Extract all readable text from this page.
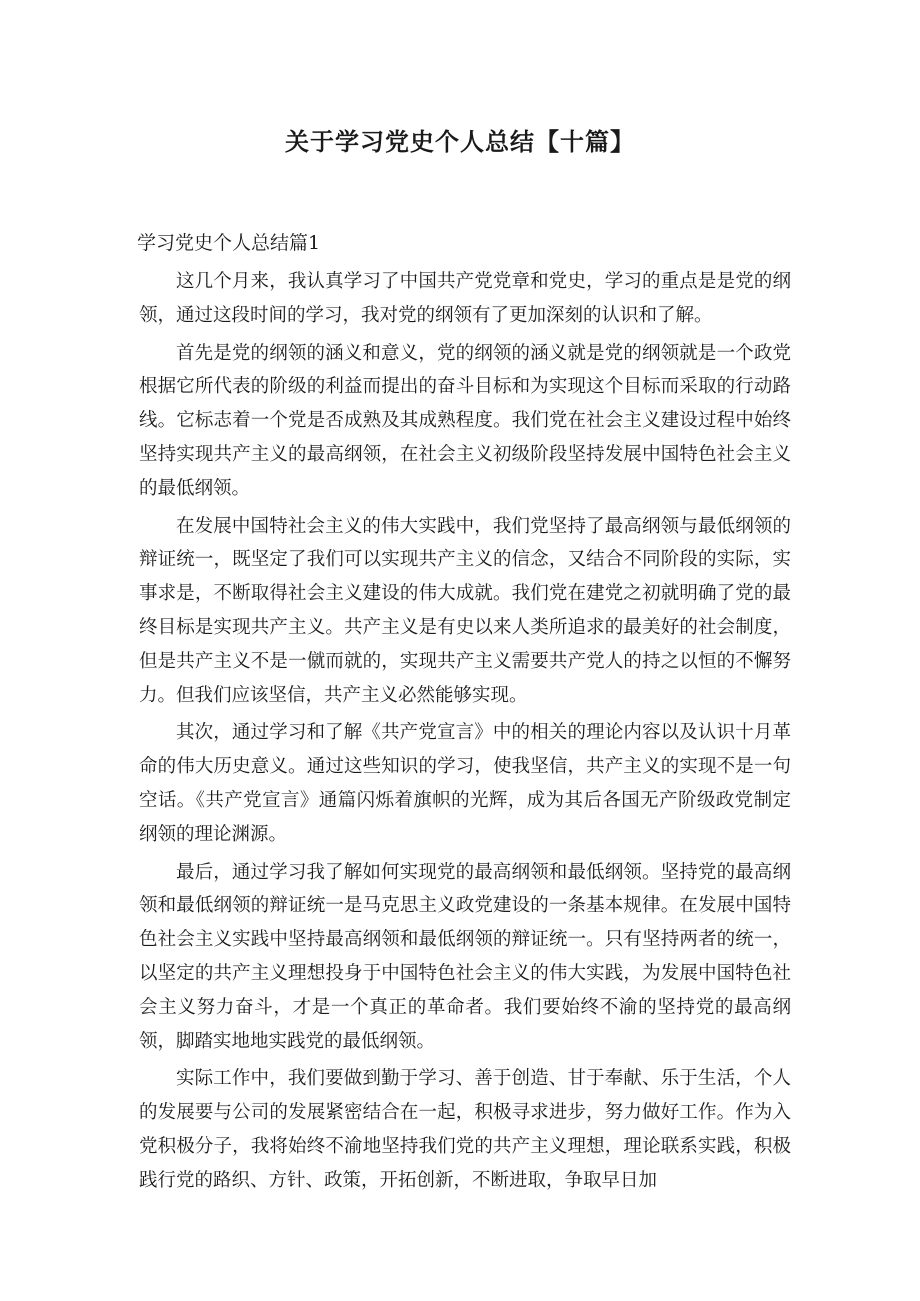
关于学习党史个人总结【十篇】
学习党史个人总结篇1

这几个月来，我认真学习了中国共产党党章和党史，学习的重点是是党的纲领，通过这段时间的学习，我对党的纲领有了更加深刻的认识和了解。

首先是党的纲领的涵义和意义，党的纲领的涵义就是党的纲领就是一个政党根据它所代表的阶级的利益而提出的奋斗目标和为实现这个目标而采取的行动路线。它标志着一个党是否成熟及其成熟程度。我们党在社会主义建设过程中始终坚持实现共产主义的最高纲领，在社会主义初级阶段坚持发展中国特色社会主义的最低纲领。

在发展中国特社会主义的伟大实践中，我们党坚持了最高纲领与最低纲领的辩证统一，既坚定了我们可以实现共产主义的信念，又结合不同阶段的实际，实事求是，不断取得社会主义建设的伟大成就。我们党在建党之初就明确了党的最终目标是实现共产主义。共产主义是有史以来人类所追求的最美好的社会制度，但是共产主义不是一僦而就的，实现共产主义需要共产党人的持之以恒的不懈努力。但我们应该坚信，共产主义必然能够实现。

其次，通过学习和了解《共产党宣言》中的相关的理论内容以及认识十月革命的伟大历史意义。通过这些知识的学习，使我坚信，共产主义的实现不是一句空话。《共产党宣言》通篇闪烁着旗帜的光辉，成为其后各国无产阶级政党制定纲领的理论渊源。

最后，通过学习我了解如何实现党的最高纲领和最低纲领。坚持党的最高纲领和最低纲领的辩证统一是马克思主义政党建设的一条基本规律。在发展中国特色社会主义实践中坚持最高纲领和最低纲领的辩证统一。只有坚持两者的统一，以坚定的共产主义理想投身于中国特色社会主义的伟大实践，为发展中国特色社会主义努力奋斗，才是一个真正的革命者。我们要始终不渝的坚持党的最高纲领，脚踏实地地实践党的最低纲领。

实际工作中，我们要做到勤于学习、善于创造、甘于奉献、乐于生活，个人的发展要与公司的发展紧密结合在一起，积极寻求进步，努力做好工作。作为入党积极分子，我将始终不渝地坚持我们党的共产主义理想，理论联系实践，积极践行党的路织、方针、政策，开拓创新，不断进取，争取早日加
